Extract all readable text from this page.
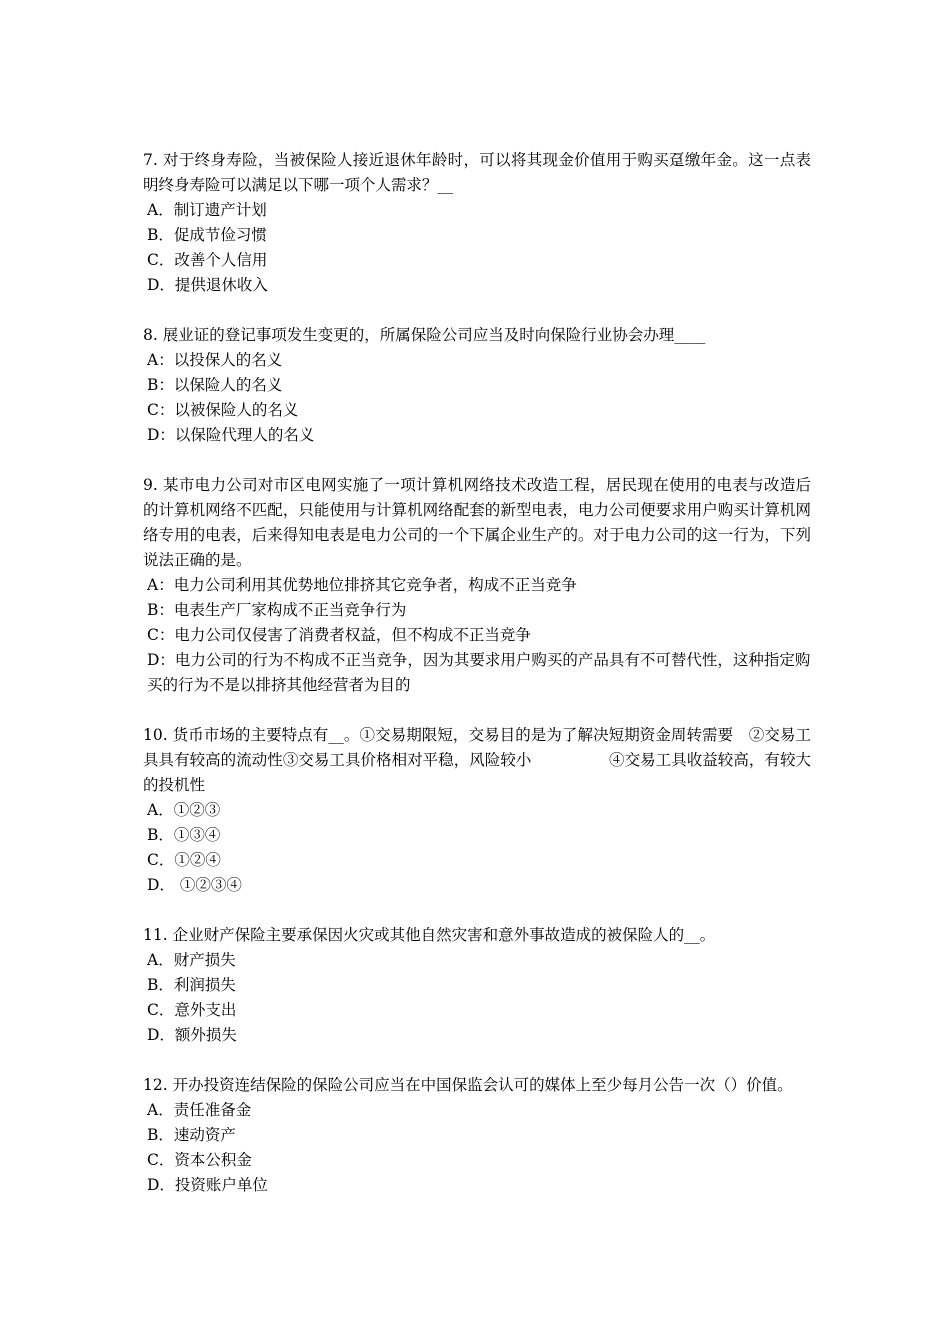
7. 对于终身寿险，当被保险人接近退休年龄时，可以将其现金价值用于购买趸缴年金。这一点表明终身寿险可以满足以下哪一项个人需求？__

A．制订遗产计划
B．促成节俭习惯
C．改善个人信用
D．提供退休收入

8. 展业证的登记事项发生变更的，所属保险公司应当及时向保险行业协会办理____

A：以投保人的名义
B：以保险人的名义
C：以被保险人的名义
D：以保险代理人的名义

9. 某市电力公司对市区电网实施了一项计算机网络技术改造工程，居民现在使用的电表与改造后的计算机网络不匹配，只能使用与计算机网络配套的新型电表，电力公司便要求用户购买计算机网络专用的电表，后来得知电表是电力公司的一个下属企业生产的。对于电力公司的这一行为，下列说法正确的是。

A：电力公司利用其优势地位排挤其它竞争者，构成不正当竞争
B：电表生产厂家构成不正当竞争行为
C：电力公司仅侵害了消费者权益，但不构成不正当竞争
D：电力公司的行为不构成不正当竞争，因为其要求用户购买的产品具有不可替代性，这种指定购买的行为不是以排挤其他经营者为目的

10. 货币市场的主要特点有__。①交易期限短，交易目的是为了解决短期资金周转需要　②交易工具具有较高的流动性③交易工具价格相对平稳，风险较小　　　　　④交易工具收益较高，有较大的投机性

A．①②③
B．①③④
C．①②④
D． ①②③④

11. 企业财产保险主要承保因火灾或其他自然灾害和意外事故造成的被保险人的__。

A．财产损失
B．利润损失
C．意外支出
D．额外损失

12. 开办投资连结保险的保险公司应当在中国保监会认可的媒体上至少每月公告一次（）价值。

A．责任准备金
B．速动资产
C．资本公积金
D．投资账户单位
